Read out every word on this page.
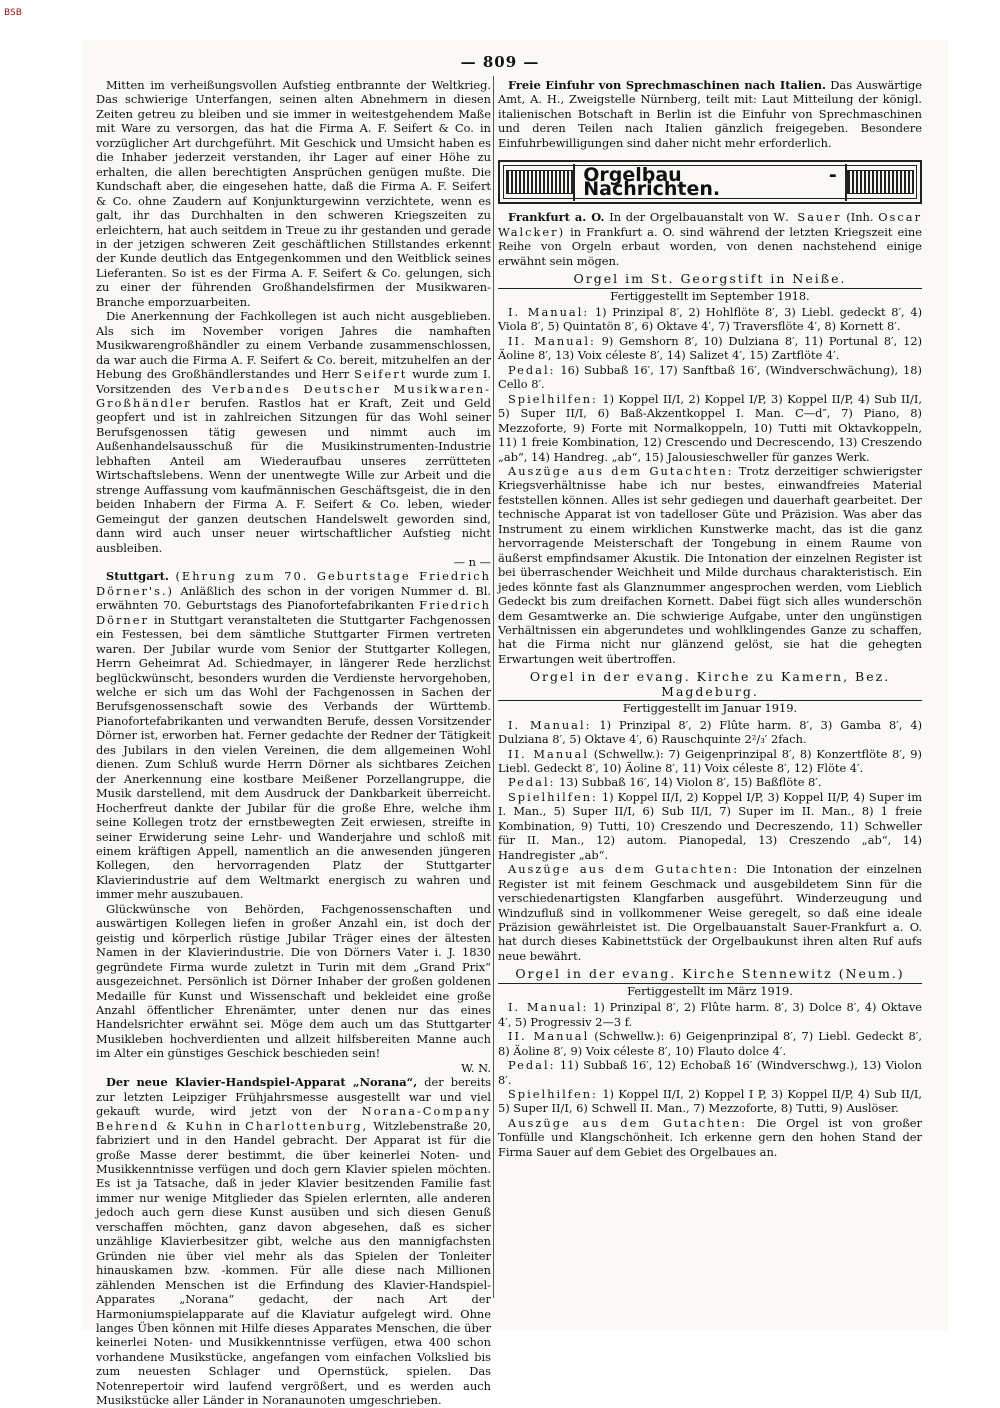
BSB
— 809 —

Mitten im verheißungsvollen Aufstieg entbrannte der Weltkrieg. Das schwierige Unterfangen, seinen alten Abnehmern in diesen Zeiten getreu zu bleiben und sie immer in weitestgehendem Maße mit Ware zu versorgen, das hat die Firma A. F. Seifert & Co. in vorzüglicher Art durchgeführt. Mit Geschick und Umsicht haben es die Inhaber jederzeit verstanden, ihr Lager auf einer Höhe zu erhalten, die allen berechtigten Ansprüchen genügen mußte. Die Kundschaft aber, die eingesehen hatte, daß die Firma A. F. Seifert & Co. ohne Zaudern auf Konjunkturgewinn verzichtete, wenn es galt, ihr das Durchhalten in den schweren Kriegszeiten zu erleichtern, hat auch seitdem in Treue zu ihr gestanden und gerade in der jetzigen schweren Zeit geschäftlichen Stillstandes erkennt der Kunde deutlich das Entgegenkommen und den Weitblick seines Lieferanten. So ist es der Firma A. F. Seifert & Co. gelungen, sich zu einer der führenden Großhandelsfirmen der Musikwaren-Branche emporzuarbeiten.

Die Anerkennung der Fachkollegen ist auch nicht ausgeblieben. Als sich im November vorigen Jahres die namhaften Musikwarengroßhändler zu einem Verbande zusammenschlossen, da war auch die Firma A. F. Seifert & Co. bereit, mitzuhelfen an der Hebung des Großhändlerstandes und Herr Seifert wurde zum I. Vorsitzenden des Verbandes Deutscher Musikwaren-Großhändler berufen. Rastlos hat er Kraft, Zeit und Geld geopfert und ist in zahlreichen Sitzungen für das Wohl seiner Berufsgenossen tätig gewesen und nimmt auch im Außenhandelsausschuß für die Musikinstrumenten-Industrie lebhaften Anteil am Wiederaufbau unseres zerrütteten Wirtschaftslebens. Wenn der unentwegte Wille zur Arbeit und die strenge Auffassung vom kaufmännischen Geschäftsgeist, die in den beiden Inhabern der Firma A. F. Seifert & Co. leben, wieder Gemeingut der ganzen deutschen Handelswelt geworden sind, dann wird auch unser neuer wirtschaftlicher Aufstieg nicht ausbleiben.

— n —

Stuttgart. (Ehrung zum 70. Geburtstage Friedrich Dörner's.) Anläßlich des schon in der vorigen Nummer d. Bl. erwähnten 70. Geburtstags des Pianofortefabrikanten Friedrich Dörner in Stuttgart veranstalteten die Stuttgarter Fachgenossen ein Festessen, bei dem sämtliche Stuttgarter Firmen vertreten waren. Der Jubilar wurde vom Senior der Stuttgarter Kollegen, Herrn Geheimrat Ad. Schiedmayer, in längerer Rede herzlichst beglückwünscht, besonders wurden die Verdienste hervorgehoben, welche er sich um das Wohl der Fachgenossen in Sachen der Berufsgenossenschaft sowie des Verbands der Württemb. Pianofortefabrikanten und verwandten Berufe, dessen Vorsitzender Dörner ist, erworben hat. Ferner gedachte der Redner der Tätigkeit des Jubilars in den vielen Vereinen, die dem allgemeinen Wohl dienen. Zum Schluß wurde Herrn Dörner als sichtbares Zeichen der Anerkennung eine kostbare Meißener Porzellangruppe, die Musik darstellend, mit dem Ausdruck der Dankbarkeit überreicht. Hocherfreut dankte der Jubilar für die große Ehre, welche ihm seine Kollegen trotz der ernstbewegten Zeit erwiesen, streifte in seiner Erwiderung seine Lehr- und Wanderjahre und schloß mit einem kräftigen Appell, namentlich an die anwesenden jüngeren Kollegen, den hervorragenden Platz der Stuttgarter Klavierindustrie auf dem Weltmarkt energisch zu wahren und immer mehr auszubauen.

Glückwünsche von Behörden, Fachgenossenschaften und auswärtigen Kollegen liefen in großer Anzahl ein, ist doch der geistig und körperlich rüstige Jubilar Träger eines der ältesten Namen in der Klavierindustrie. Die von Dörners Vater i. J. 1830 gegründete Firma wurde zuletzt in Turin mit dem „Grand Prix“ ausgezeichnet. Persönlich ist Dörner Inhaber der großen goldenen Medaille für Kunst und Wissenschaft und bekleidet eine große Anzahl öffentlicher Ehrenämter, unter denen nur das eines Handelsrichter erwähnt sei. Möge dem auch um das Stuttgarter Musikleben hochverdienten und allzeit hilfsbereiten Manne auch im Alter ein günstiges Geschick beschieden sein!

W. N.

Der neue Klavier-Handspiel-Apparat „Norana“, der bereits zur letzten Leipziger Frühjahrsmesse ausgestellt war und viel gekauft wurde, wird jetzt von der Norana-Company Behrend & Kuhn in Charlottenburg, Witzlebenstraße 20, fabriziert und in den Handel gebracht. Der Apparat ist für die große Masse derer bestimmt, die über keinerlei Noten- und Musikkenntnisse verfügen und doch gern Klavier spielen möchten. Es ist ja Tatsache, daß in jeder Klavier besitzenden Familie fast immer nur wenige Mitglieder das Spielen erlernten, alle anderen jedoch auch gern diese Kunst ausüben und sich diesen Genuß verschaffen möchten, ganz davon abgesehen, daß es sicher unzählige Klavierbesitzer gibt, welche aus den mannigfachsten Gründen nie über viel mehr als das Spielen der Tonleiter hinauskamen bzw. -kommen. Für alle diese nach Millionen zählenden Menschen ist die Erfindung des Klavier-Handspiel-Apparates „Norana“ gedacht, der nach Art der Harmoniumspielapparate auf die Klaviatur aufgelegt wird. Ohne langes Üben können mit Hilfe dieses Apparates Menschen, die über keinerlei Noten- und Musikkenntnisse verfügen, etwa 400 schon vorhandene Musikstücke, angefangen vom einfachen Volkslied bis zum neuesten Schlager und Opernstück, spielen. Das Notenrepertoir wird laufend vergrößert, und es werden auch Musikstücke aller Länder in Noranaunoten umgeschrieben.

Freie Einfuhr von Sprechmaschinen nach Italien. Das Auswärtige Amt, A. H., Zweigstelle Nürnberg, teilt mit: Laut Mitteilung der königl. italienischen Botschaft in Berlin ist die Einfuhr von Sprechmaschinen und deren Teilen nach Italien gänzlich freigegeben. Besondere Einfuhrbewilligungen sind daher nicht mehr erforderlich.

Orgelbau - Nachrichten.

Frankfurt a. O. In der Orgelbauanstalt von W. Sauer (Inh. Oscar Walcker) in Frankfurt a. O. sind während der letzten Kriegszeit eine Reihe von Orgeln erbaut worden, von denen nachstehend einige erwähnt sein mögen.

Orgel im St. Georgstift in Neiße.
Fertiggestellt im September 1918.

I. Manual: 1) Prinzipal 8′, 2) Hohlflöte 8′, 3) Liebl. gedeckt 8′, 4) Viola 8′, 5) Quintatön 8′, 6) Oktave 4′, 7) Traversflöte 4′, 8) Kornett 8′.

II. Manual: 9) Gemshorn 8′, 10) Dulziana 8′, 11) Portunal 8′, 12) Äoline 8′, 13) Voix céleste 8′, 14) Salizet 4′, 15) Zartflöte 4′.

Pedal: 16) Subbaß 16′, 17) Sanftbaß 16′, (Windverschwächung), 18) Cello 8′.

Spielhilfen: 1) Koppel II/I, 2) Koppel I/P, 3) Koppel II/P, 4) Sub II/I, 5) Super II/I, 6) Baß-Akzentkoppel I. Man. C—d″, 7) Piano, 8) Mezzoforte, 9) Forte mit Normalkoppeln, 10) Tutti mit Oktavkoppeln, 11) 1 freie Kombination, 12) Crescendo und Decrescendo, 13) Creszendo „ab“, 14) Handreg. „ab“, 15) Jalousieschweller für ganzes Werk.

Auszüge aus dem Gutachten: Trotz derzeitiger schwierigster Kriegsverhältnisse habe ich nur bestes, einwandfreies Material feststellen können. Alles ist sehr gediegen und dauerhaft gearbeitet. Der technische Apparat ist von tadelloser Güte und Präzision. Was aber das Instrument zu einem wirklichen Kunstwerke macht, das ist die ganz hervorragende Meisterschaft der Tongebung in einem Raume von äußerst empfindsamer Akustik. Die Intonation der einzelnen Register ist bei überraschender Weichheit und Milde durchaus charakteristisch. Ein jedes könnte fast als Glanznummer angesprochen werden, vom Lieblich Gedeckt bis zum dreifachen Kornett. Dabei fügt sich alles wunderschön dem Gesamtwerke an. Die schwierige Aufgabe, unter den ungünstigen Verhältnissen ein abgerundetes und wohlklingendes Ganze zu schaffen, hat die Firma nicht nur glänzend gelöst, sie hat die gehegten Erwartungen weit übertroffen.

Orgel in der evang. Kirche zu Kamern, Bez. Magdeburg.
Fertiggestellt im Januar 1919.

I. Manual: 1) Prinzipal 8′, 2) Flûte harm. 8′, 3) Gamba 8′, 4) Dulziana 8′, 5) Oktave 4′, 6) Rauschquinte 2²/₃′ 2fach.

II. Manual (Schwellw.): 7) Geigenprinzipal 8′, 8) Konzertflöte 8′, 9) Liebl. Gedeckt 8′, 10) Äoline 8′, 11) Voix céleste 8′, 12) Flöte 4′.

Pedal: 13) Subbaß 16′, 14) Violon 8′, 15) Baßflöte 8′.

Spielhilfen: 1) Koppel II/I, 2) Koppel I/P, 3) Koppel II/P, 4) Super im I. Man., 5) Super II/I, 6) Sub II/I, 7) Super im II. Man., 8) 1 freie Kombination, 9) Tutti, 10) Creszendo und Decreszendo, 11) Schweller für II. Man., 12) autom. Pianopedal, 13) Creszendo „ab“, 14) Handregister „ab“.

Auszüge aus dem Gutachten: Die Intonation der einzelnen Register ist mit feinem Geschmack und ausgebildetem Sinn für die verschiedenartigsten Klangfarben ausgeführt. Winderzeugung und Windzufluß sind in vollkommener Weise geregelt, so daß eine ideale Präzision gewährleistet ist. Die Orgelbauanstalt Sauer-Frankfurt a. O. hat durch dieses Kabinettstück der Orgelbaukunst ihren alten Ruf aufs neue bewährt.

Orgel in der evang. Kirche Stennewitz (Neum.)
Fertiggestellt im März 1919.

I. Manual: 1) Prinzipal 8′, 2) Flûte harm. 8′, 3) Dolce 8′, 4) Oktave 4′, 5) Progressiv 2—3 f.

II. Manual (Schwellw.): 6) Geigenprinzipal 8′, 7) Liebl. Gedeckt 8′, 8) Äoline 8′, 9) Voix céleste 8′, 10) Flauto dolce 4′.

Pedal: 11) Subbaß 16′, 12) Echobaß 16′ (Windverschwg.), 13) Violon 8′.

Spielhilfen: 1) Koppel II/I, 2) Koppel I P, 3) Koppel II/P, 4) Sub II/I, 5) Super II/I, 6) Schwell II. Man., 7) Mezzoforte, 8) Tutti, 9) Auslöser.

Auszüge aus dem Gutachten: Die Orgel ist von großer Tonfülle und Klangschönheit. Ich erkenne gern den hohen Stand der Firma Sauer auf dem Gebiet des Orgelbaues an.
